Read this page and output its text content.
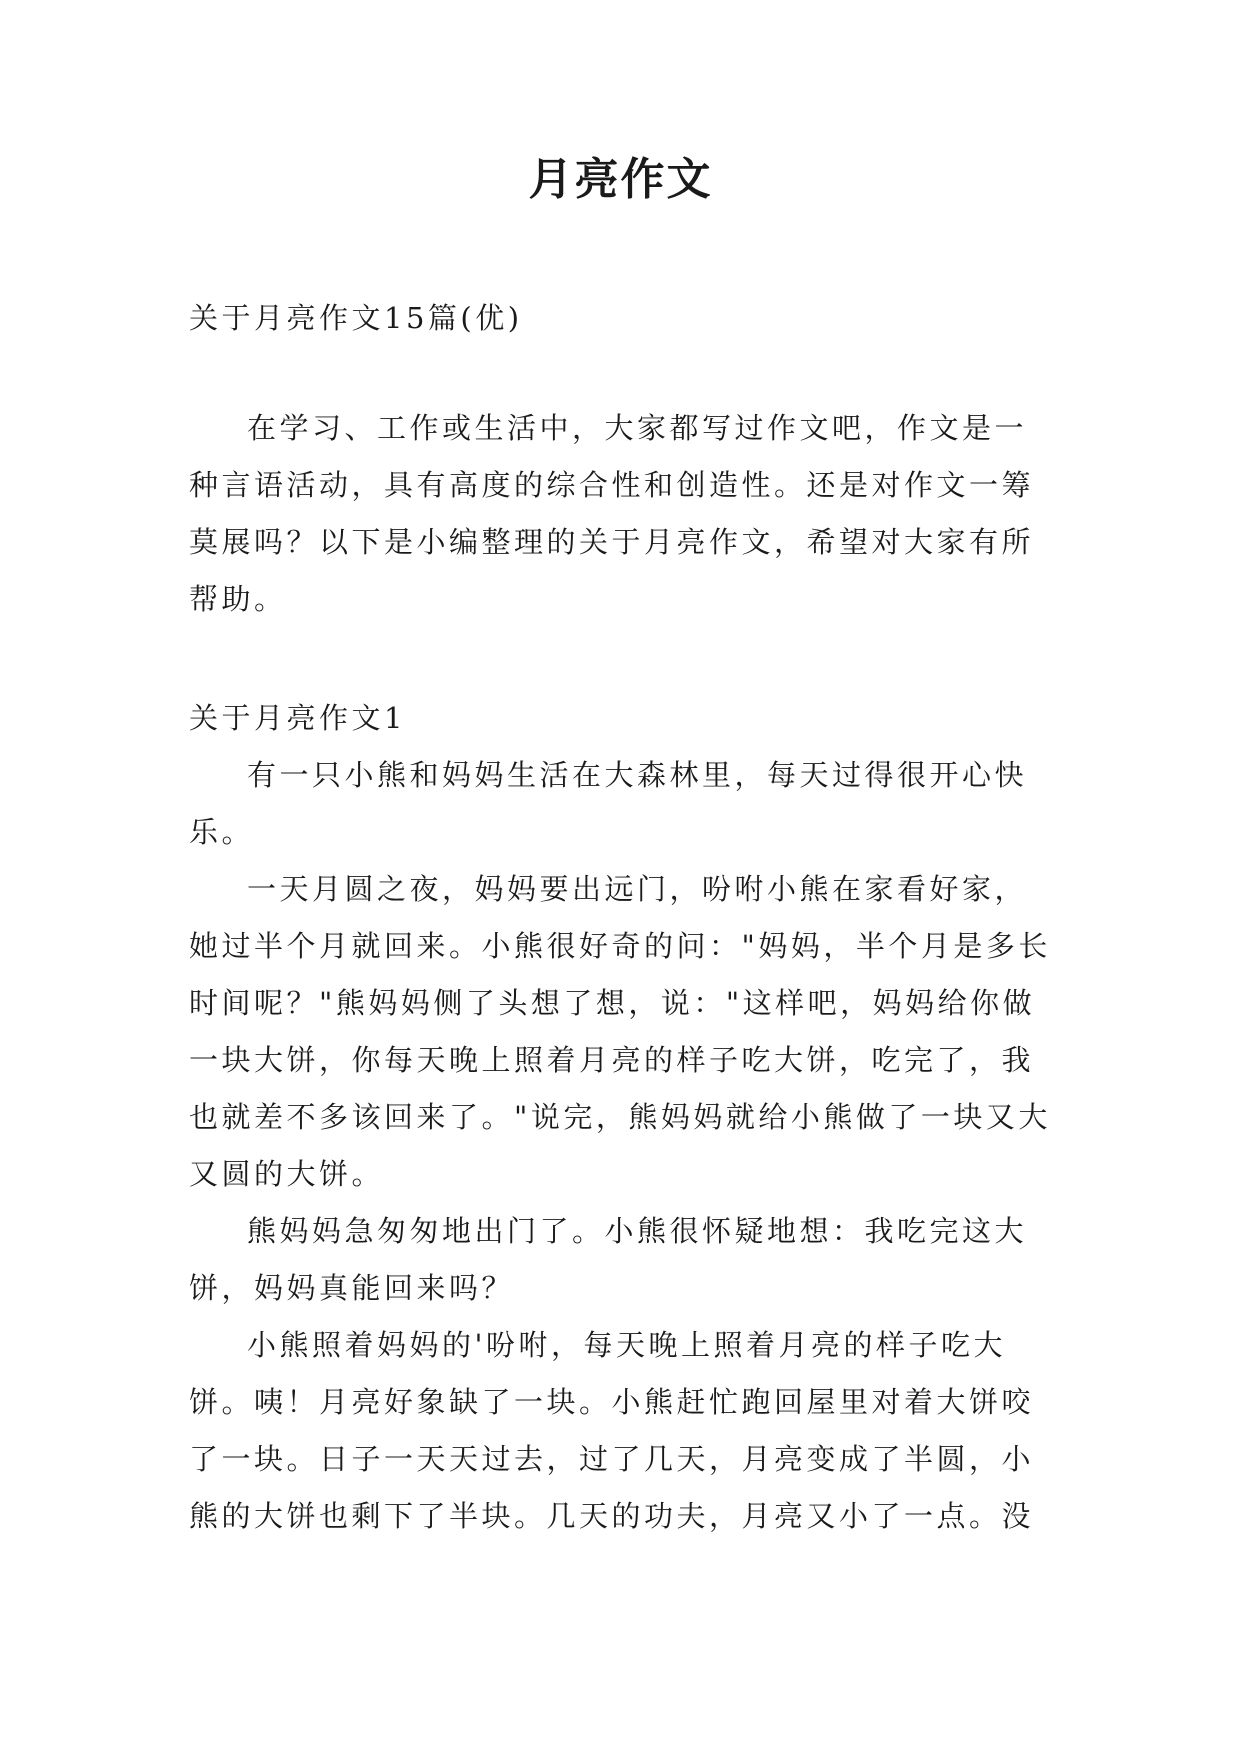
月亮作文

关于月亮作文15篇(优)

在学习、工作或生活中，大家都写过作文吧，作文是一种言语活动，具有高度的综合性和创造性。还是对作文一筹莫展吗？以下是小编整理的关于月亮作文，希望对大家有所帮助。

关于月亮作文1

有一只小熊和妈妈生活在大森林里，每天过得很开心快乐。

一天月圆之夜，妈妈要出远门，吩咐小熊在家看好家，她过半个月就回来。小熊很好奇的问："妈妈，半个月是多长时间呢？"熊妈妈侧了头想了想，说："这样吧，妈妈给你做一块大饼，你每天晚上照着月亮的样子吃大饼，吃完了，我也就差不多该回来了。"说完，熊妈妈就给小熊做了一块又大又圆的大饼。

熊妈妈急匆匆地出门了。小熊很怀疑地想：我吃完这大饼，妈妈真能回来吗？

小熊照着妈妈的'吩咐，每天晚上照着月亮的样子吃大饼。咦！月亮好象缺了一块。小熊赶忙跑回屋里对着大饼咬了一块。日子一天天过去，过了几天，月亮变成了半圆，小熊的大饼也剩下了半块。几天的功夫，月亮又小了一点。没
